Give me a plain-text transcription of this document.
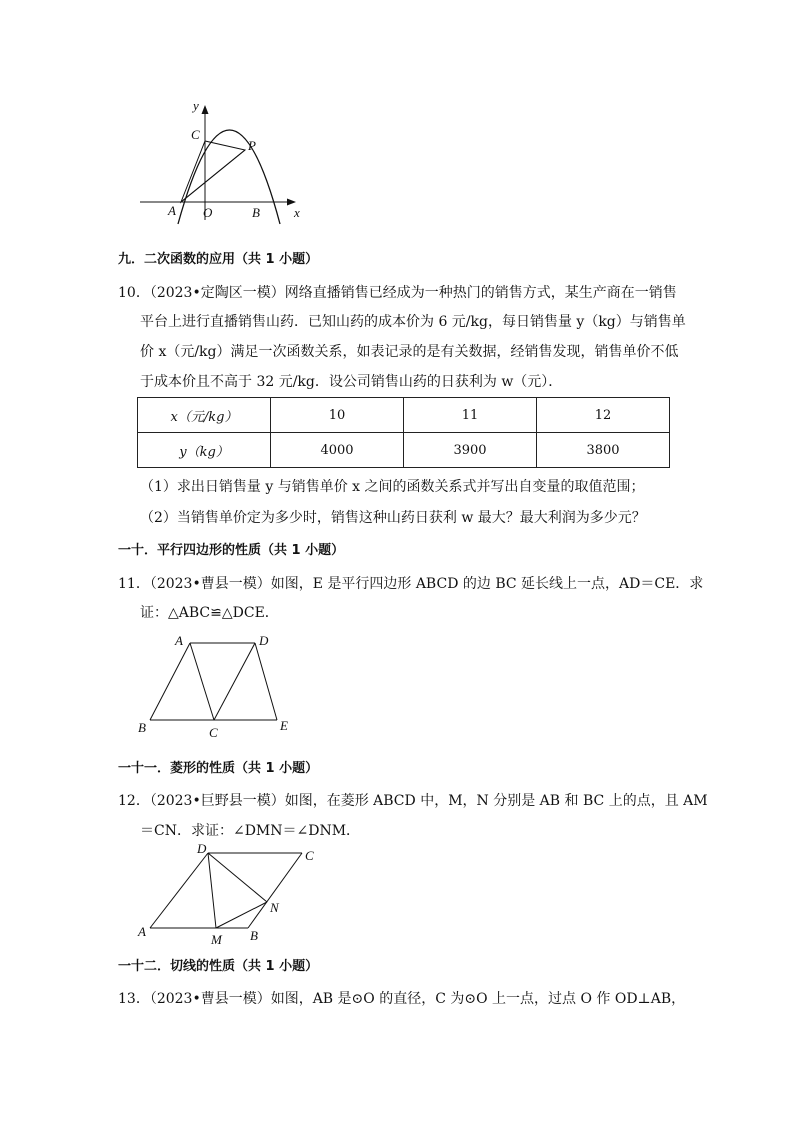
y
x
A O	B
C
P
九．二次函数的应用（共 1 小题）
10．（2023•定陶区一模）网络直播销售已经成为一种热门的销售方式，某生产商在一销售
平台上进行直播销售山药．已知山药的成本价为 6 元/kg，每日销售量 y（kg）与销售单
价 x（元/kg）满足一次函数关系，如表记录的是有关数据，经销售发现，销售单价不低
于成本价且不高于 32 元/kg．设公司销售山药的日获利为 w（元）．
x（元/kg）	10	11	12
y（kg）	4000	3900	3800
（1）求出日销售量 y 与销售单价 x 之间的函数关系式并写出自变量的取值范围；
（2）当销售单价定为多少时，销售这种山药日获利 w 最大？最大利润为多少元？
一十．平行四边形的性质（共 1 小题）
11．（2023•曹县一模）如图，E 是平行四边形 ABCD 的边 BC 延长线上一点，AD＝CE．求
证：△ABC≌△DCE．
A	D
B	C	E
一十一．菱形的性质（共 1 小题）
12．（2023•巨野县一模）如图，在菱形 ABCD 中，M，N 分别是 AB 和 BC 上的点，且 AM
＝CN．求证：∠DMN＝∠DNM．
D	C
N
A
M B
一十二．切线的性质（共 1 小题）
13．（2023•曹县一模）如图，AB 是⊙O 的直径，C 为⊙O 上一点，过点 O 作 OD⊥AB，
